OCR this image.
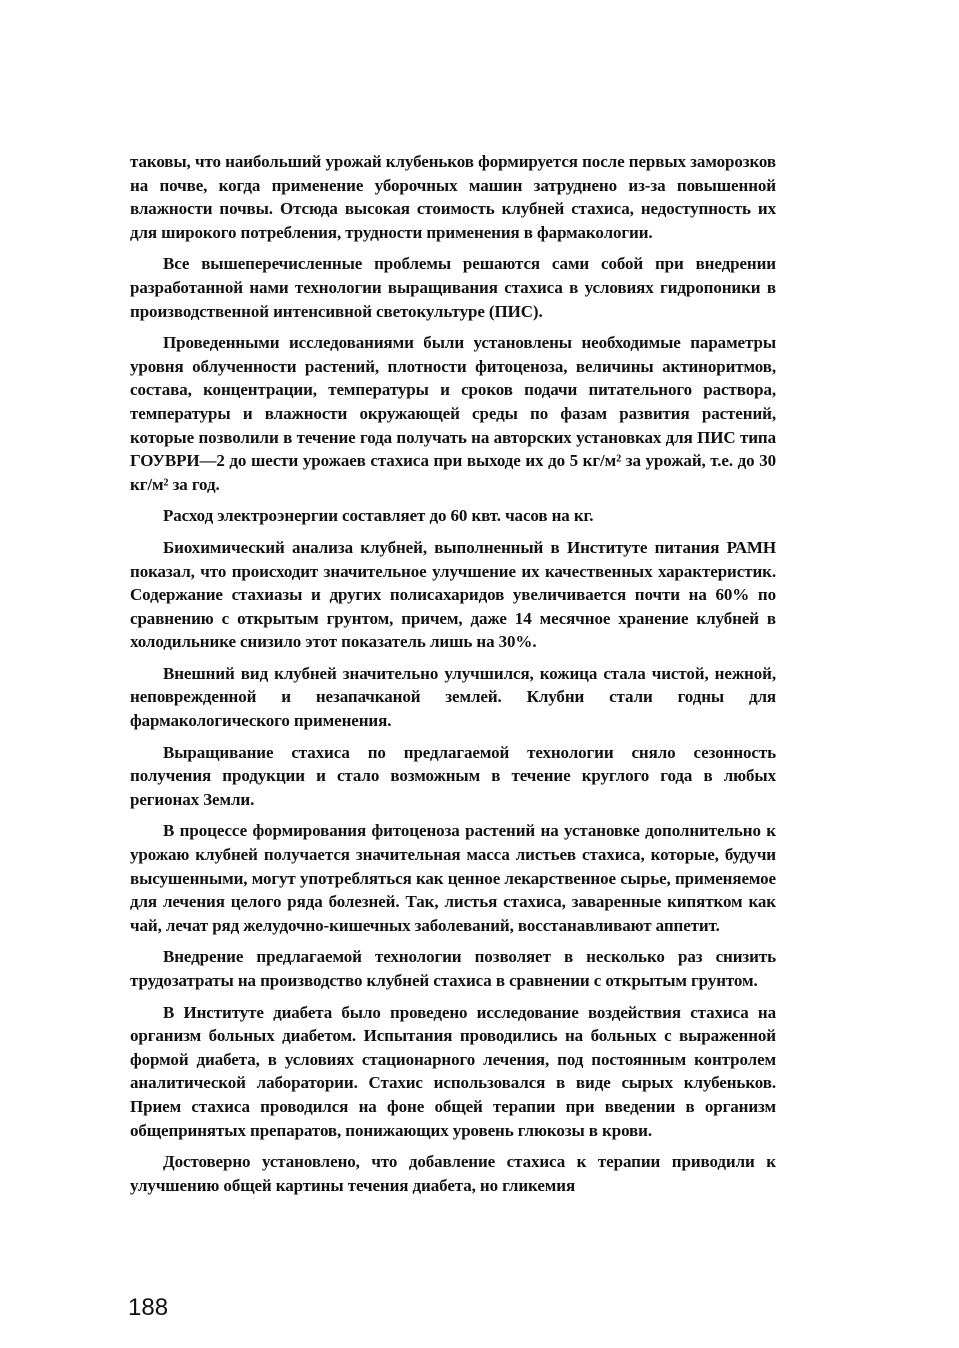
таковы, что наибольший урожай клубеньков формируется после первых заморозков на почве, когда применение уборочных машин затруднено из-за повышенной влажности почвы. Отсюда высокая стоимость клубней стахиса, недоступность их для широкого потребления, трудности применения в фармакологии.

Все вышеперечисленные проблемы решаются сами собой при внедрении разработанной нами технологии выращивания стахиса в условиях гидропоники в производственной интенсивной светокультуре (ПИС).

Проведенными исследованиями были установлены необходимые параметры уровня облученности растений, плотности фитоценоза, величины актиноритмов, состава, концентрации, температуры и сроков подачи питательного раствора, температуры и влажности окружающей среды по фазам развития растений, которые позволили в течение года получать на авторских установках для ПИС типа ГОУВРИ—2 до шести урожаев стахиса при выходе их до 5 кг/м² за урожай, т.е. до 30 кг/м² за год.

Расход электроэнергии составляет до 60 квт. часов на кг.

Биохимический анализа клубней, выполненный в Институте питания РАМН показал, что происходит значительное улучшение их качественных характеристик. Содержание стахиазы и других полисахаридов увеличивается почти на 60% по сравнению с открытым грунтом, причем, даже 14 месячное хранение клубней в холодильнике снизило этот показатель лишь на 30%.

Внешний вид клубней значительно улучшился, кожица стала чистой, нежной, неповрежденной и незапачканой землей. Клубни стали годны для фармакологического применения.

Выращивание стахиса по предлагаемой технологии сняло сезонность получения продукции и стало возможным в течение круглого года в любых регионах Земли.

В процессе формирования фитоценоза растений на установке дополнительно к урожаю клубней получается значительная масса листьев стахиса, которые, будучи высушенными, могут употребляться как ценное лекарственное сырье, применяемое для лечения целого ряда болезней. Так, листья стахиса, заваренные кипятком как чай, лечат ряд желудочно-кишечных заболеваний, восстанавливают аппетит.

Внедрение предлагаемой технологии позволяет в несколько раз снизить трудозатраты на производство клубней стахиса в сравнении с открытым грунтом.

В Институте диабета было проведено исследование воздействия стахиса на организм больных диабетом. Испытания проводились на больных с выраженной формой диабета, в условиях стационарного лечения, под постоянным контролем аналитической лаборатории. Стахис использовался в виде сырых клубеньков. Прием стахиса проводился на фоне общей терапии при введении в организм общепринятых препаратов, понижающих уровень глюкозы в крови.

Достоверно установлено, что добавление стахиса к терапии приводили к улучшению общей картины течения диабета, но гликемия

188
